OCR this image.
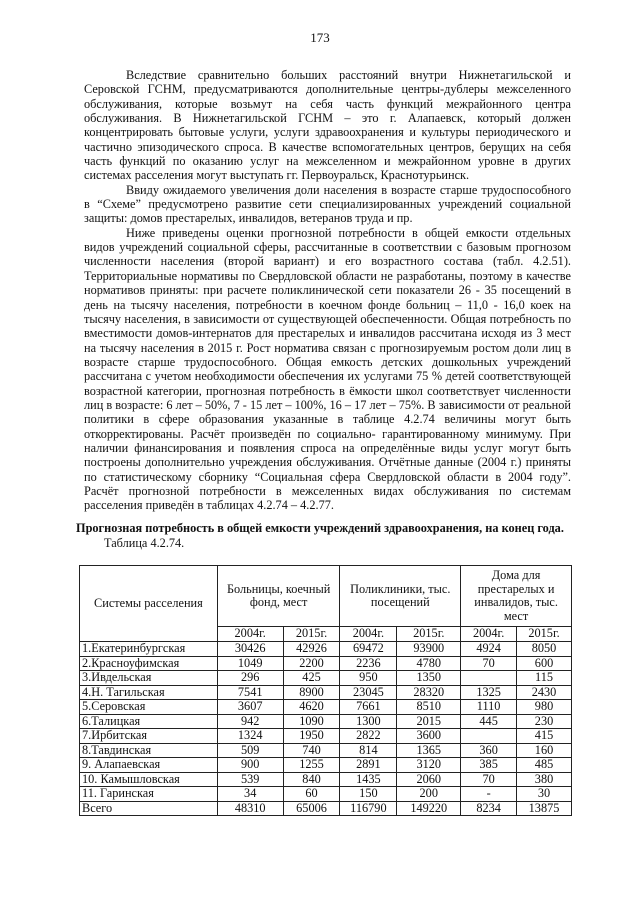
173

Вследствие сравнительно больших расстояний внутри Нижнетагильской и Серовской ГСНМ, предусматриваются дополнительные центры-дублеры межселенного обслуживания, которые возьмут на себя часть функций межрайонного центра обслуживания. В Нижнетагильской ГСНМ – это г. Алапаевск, который должен концентрировать бытовые услуги, услуги здравоохранения и культуры периодического и частично эпизодического спроса. В качестве вспомогательных центров, берущих на себя часть функций по оказанию услуг на межселенном и межрайонном уровне в других системах расселения могут выступать гг. Первоуральск, Краснотурьинск.

Ввиду ожидаемого увеличения доли населения в возрасте старше трудоспособного в “Схеме” предусмотрено развитие сети специализированных учреждений социальной защиты: домов престарелых, инвалидов, ветеранов труда и пр.

Ниже приведены оценки прогнозной потребности в общей емкости отдельных видов учреждений социальной сферы, рассчитанные в соответствии с базовым прогнозом численности населения (второй вариант) и его возрастного состава (табл. 4.2.51). Территориальные нормативы по Свердловской области не разработаны, поэтому в качестве нормативов приняты: при расчете поликлинической сети показатели 26 - 35 посещений в день на тысячу населения, потребности в коечном фонде больниц – 11,0 - 16,0 коек на тысячу населения, в зависимости от существующей обеспеченности. Общая потребность по вместимости домов-интернатов для престарелых и инвалидов рассчитана исходя из 3 мест на тысячу населения в 2015 г. Рост норматива связан с прогнозируемым ростом доли лиц в возрасте старше трудоспособного. Общая емкость детских дошкольных учреждений рассчитана с учетом необходимости обеспечения их услугами 75 % детей соответствующей возрастной категории, прогнозная потребность в ёмкости школ соответствует численности лиц в возрасте: 6 лет – 50%, 7 - 15 лет – 100%, 16 – 17 лет – 75%. В зависимости от реальной политики в сфере образования указанные в таблице 4.2.74 величины могут быть откорректированы. Расчёт произведён по социально- гарантированному минимуму. При наличии финансирования и появления спроса на определённые виды услуг могут быть построены дополнительно учреждения обслуживания. Отчётные данные (2004 г.) приняты по статистическому сборнику “Социальная сфера Свердловской области в 2004 году”. Расчёт прогнозной потребности в межселенных видах обслуживания по системам расселения приведён в таблицах 4.2.74 – 4.2.77.

Прогнозная потребность в общей емкости учреждений здравоохранения, на конец года.
Таблица 4.2.74.
Системы расселения	Больницы, коечный фонд, мест		Поликлиники, тыс. посещений		Дома для престарелых и инвалидов, тыс. мест	
	2004г.	2015г.	2004г.	2015г.	2004г.	2015г.
1.Екатеринбургская	30426	42926	69472	93900	4924	8050
2.Красноуфимская	1049	2200	2236	4780	70	600
3.Ивдельская	296	425	950	1350		115
4.Н. Тагильская	7541	8900	23045	28320	1325	2430
5.Серовская	3607	4620	7661	8510	1110	980
6.Талицкая	942	1090	1300	2015	445	230
7.Ирбитская	1324	1950	2822	3600		415
8.Тавдинская	509	740	814	1365	360	160
9. Алапаевская	900	1255	2891	3120	385	485
10. Камышловская	539	840	1435	2060	70	380
11. Гаринская	34	60	150	200	-	30
Всего	48310	65006	116790	149220	8234	13875
